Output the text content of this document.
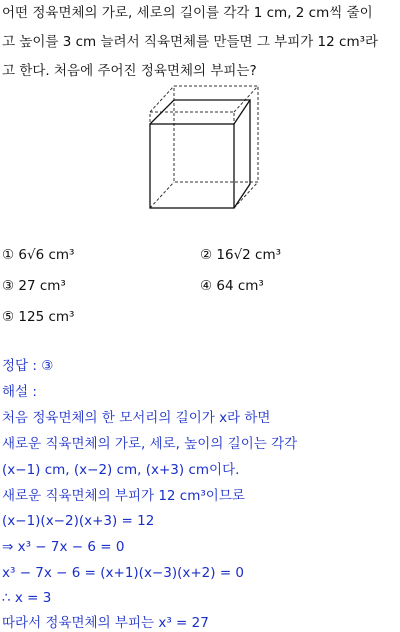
어떤 정육면체의 가로, 세로의 길이를 각각 1 cm, 2 cm씩 줄이
고 높이를 3 cm 늘려서 직육면체를 만들면 그 부피가 12 cm³라
고 한다. 처음에 주어진 정육면체의 부피는?
① 6√6 cm³	② 16√2 cm³
③ 27 cm³	④ 64 cm³
⑤ 125 cm³
정답 : ③
해설 :
처음 정육면체의 한 모서리의 길이가 x라 하면
새로운 직육면체의 가로, 세로, 높이의 길이는 각각
(x−1) cm, (x−2) cm, (x+3) cm이다.
새로운 직육면체의 부피가 12 cm³이므로
(x−1)(x−2)(x+3) = 12
⇒ x³ − 7x − 6 = 0
x³ − 7x − 6 = (x+1)(x−3)(x+2) = 0
∴ x = 3
따라서 정육면체의 부피는 x³ = 27
